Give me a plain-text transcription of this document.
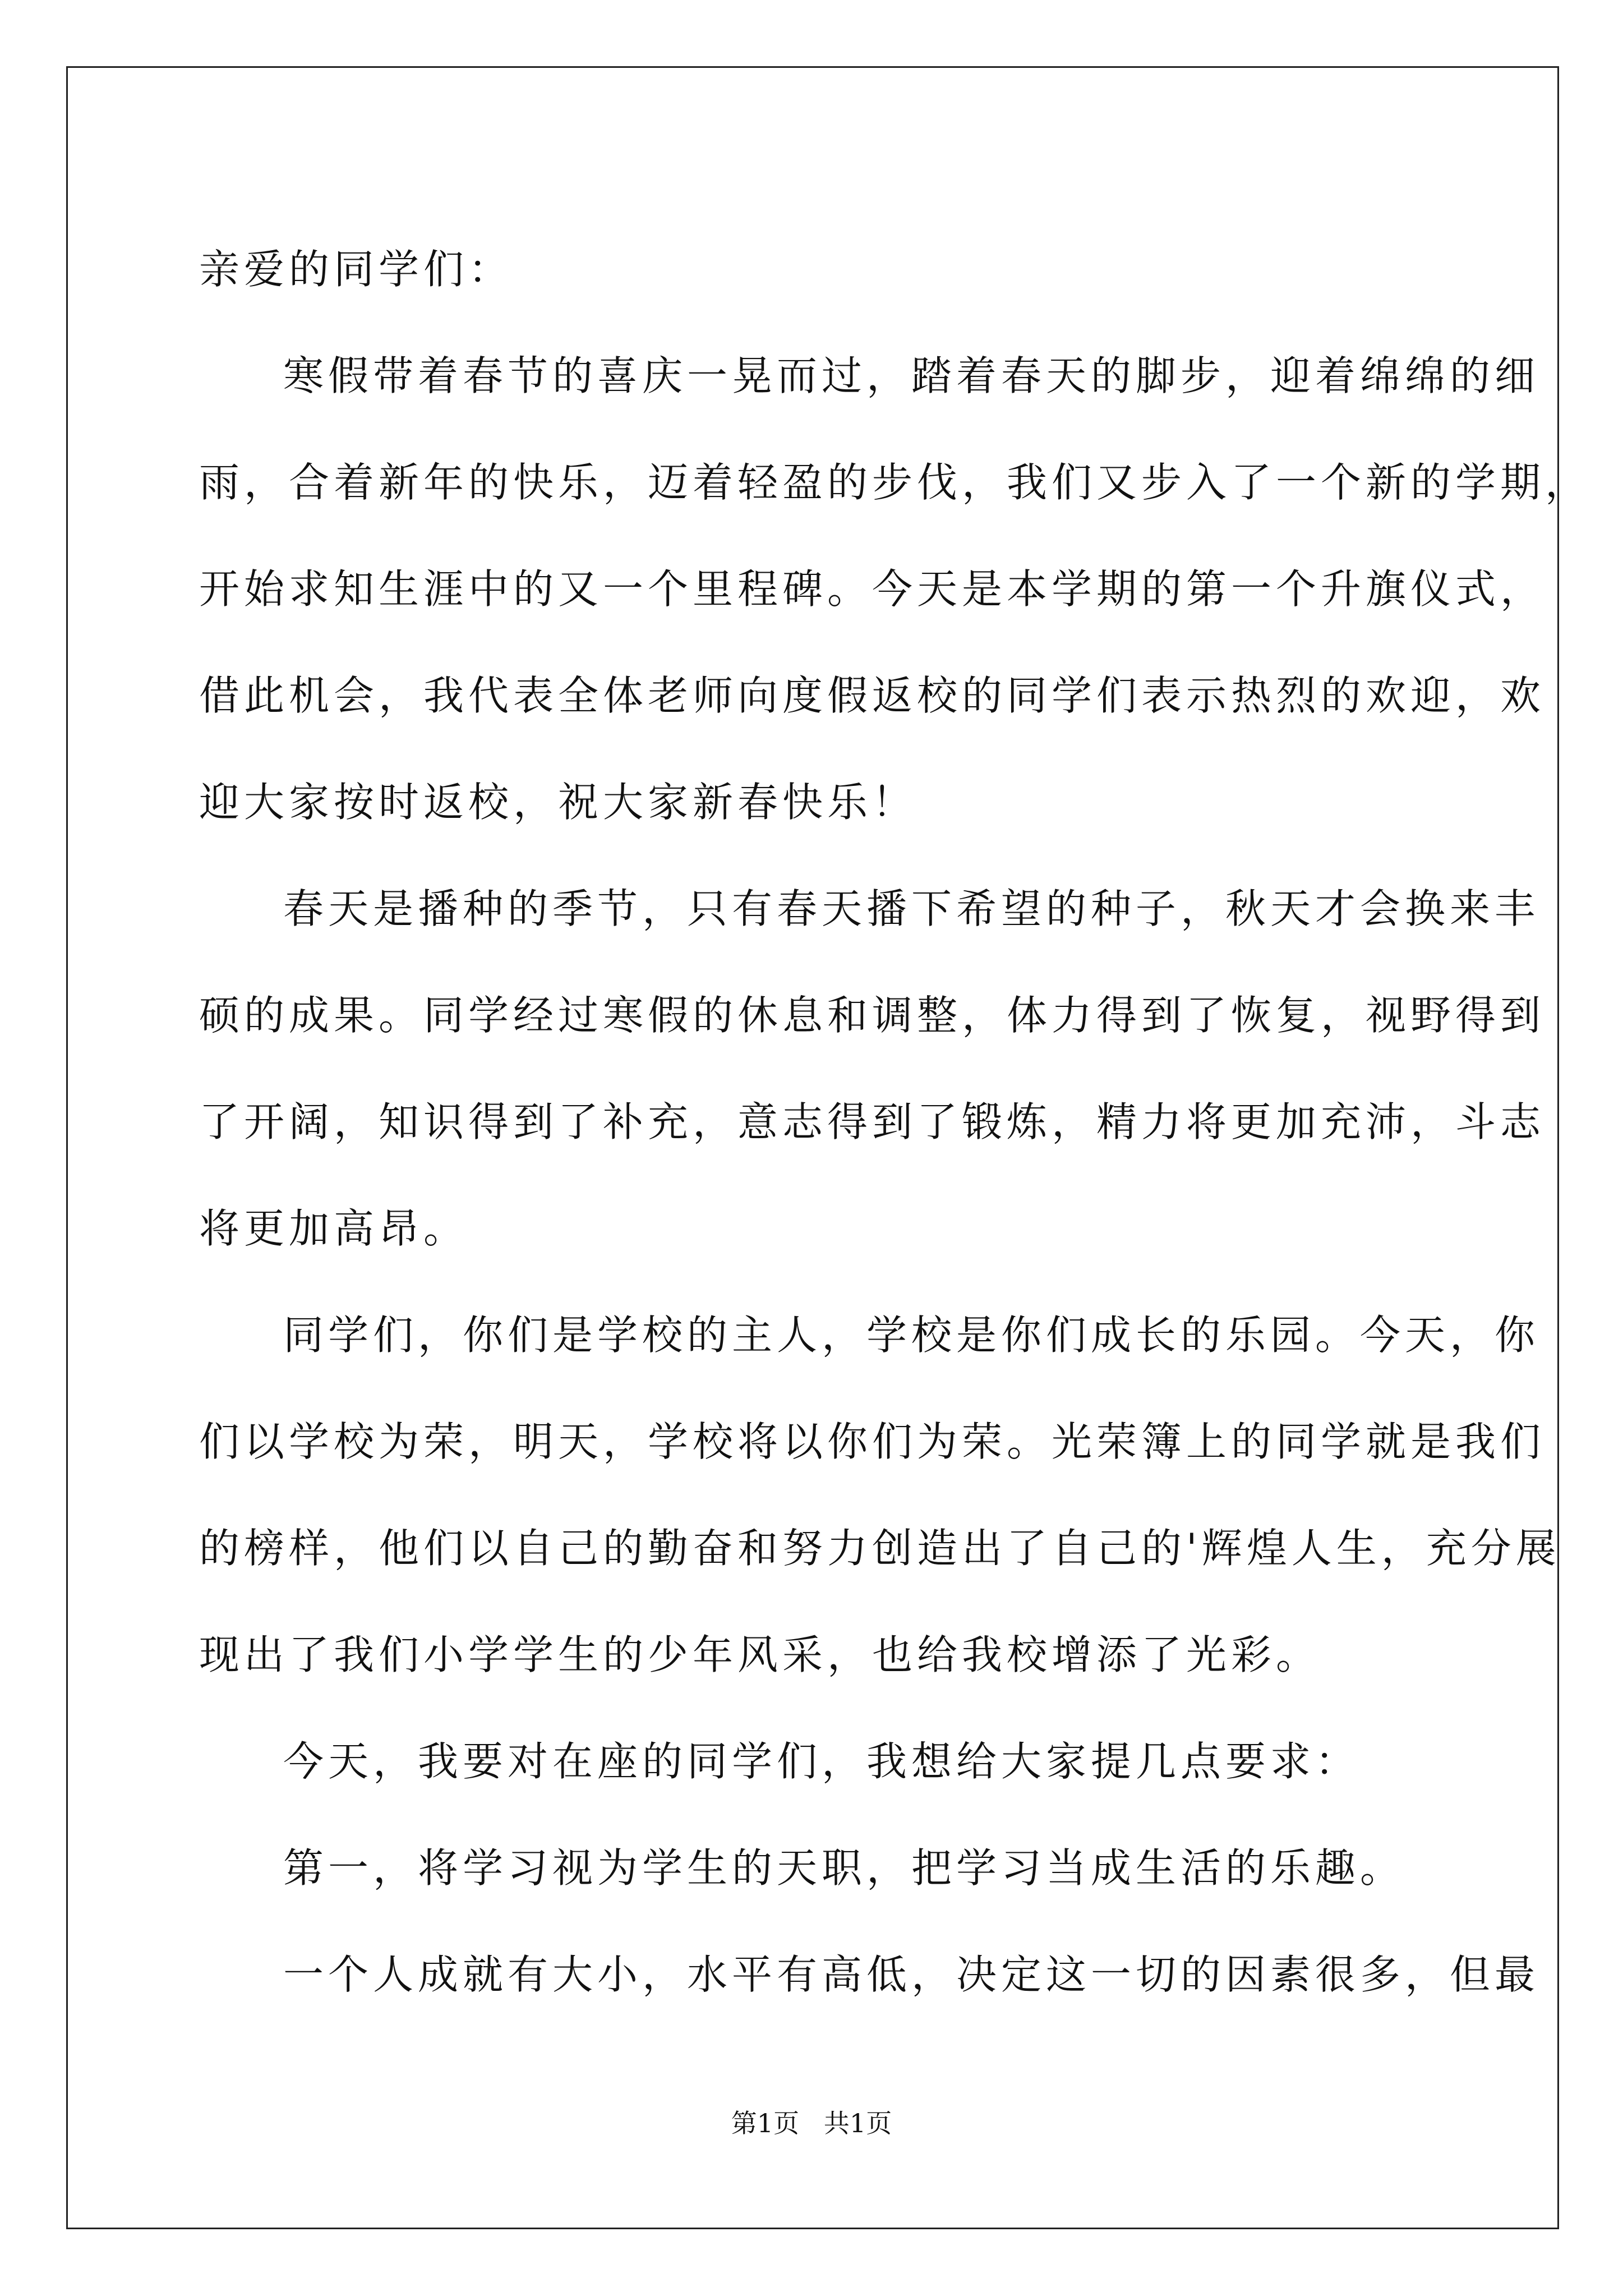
亲爱的同学们：
寒假带着春节的喜庆一晃而过，踏着春天的脚步，迎着绵绵的细
雨，合着新年的快乐，迈着轻盈的步伐，我们又步入了一个新的学期，
开始求知生涯中的又一个里程碑。今天是本学期的第一个升旗仪式，
借此机会，我代表全体老师向度假返校的同学们表示热烈的欢迎，欢
迎大家按时返校，祝大家新春快乐！
春天是播种的季节，只有春天播下希望的种子，秋天才会换来丰
硕的成果。同学经过寒假的休息和调整，体力得到了恢复，视野得到
了开阔，知识得到了补充，意志得到了锻炼，精力将更加充沛，斗志
将更加高昂。
同学们，你们是学校的主人，学校是你们成长的乐园。今天，你
们以学校为荣，明天，学校将以你们为荣。光荣簿上的同学就是我们
的榜样，他们以自己的勤奋和努力创造出了自己的'辉煌人生，充分展
现出了我们小学学生的少年风采，也给我校增添了光彩。
今天，我要对在座的同学们，我想给大家提几点要求：
第一，将学习视为学生的天职，把学习当成生活的乐趣。
一个人成就有大小，水平有高低，决定这一切的因素很多，但最
第1页   共1页
